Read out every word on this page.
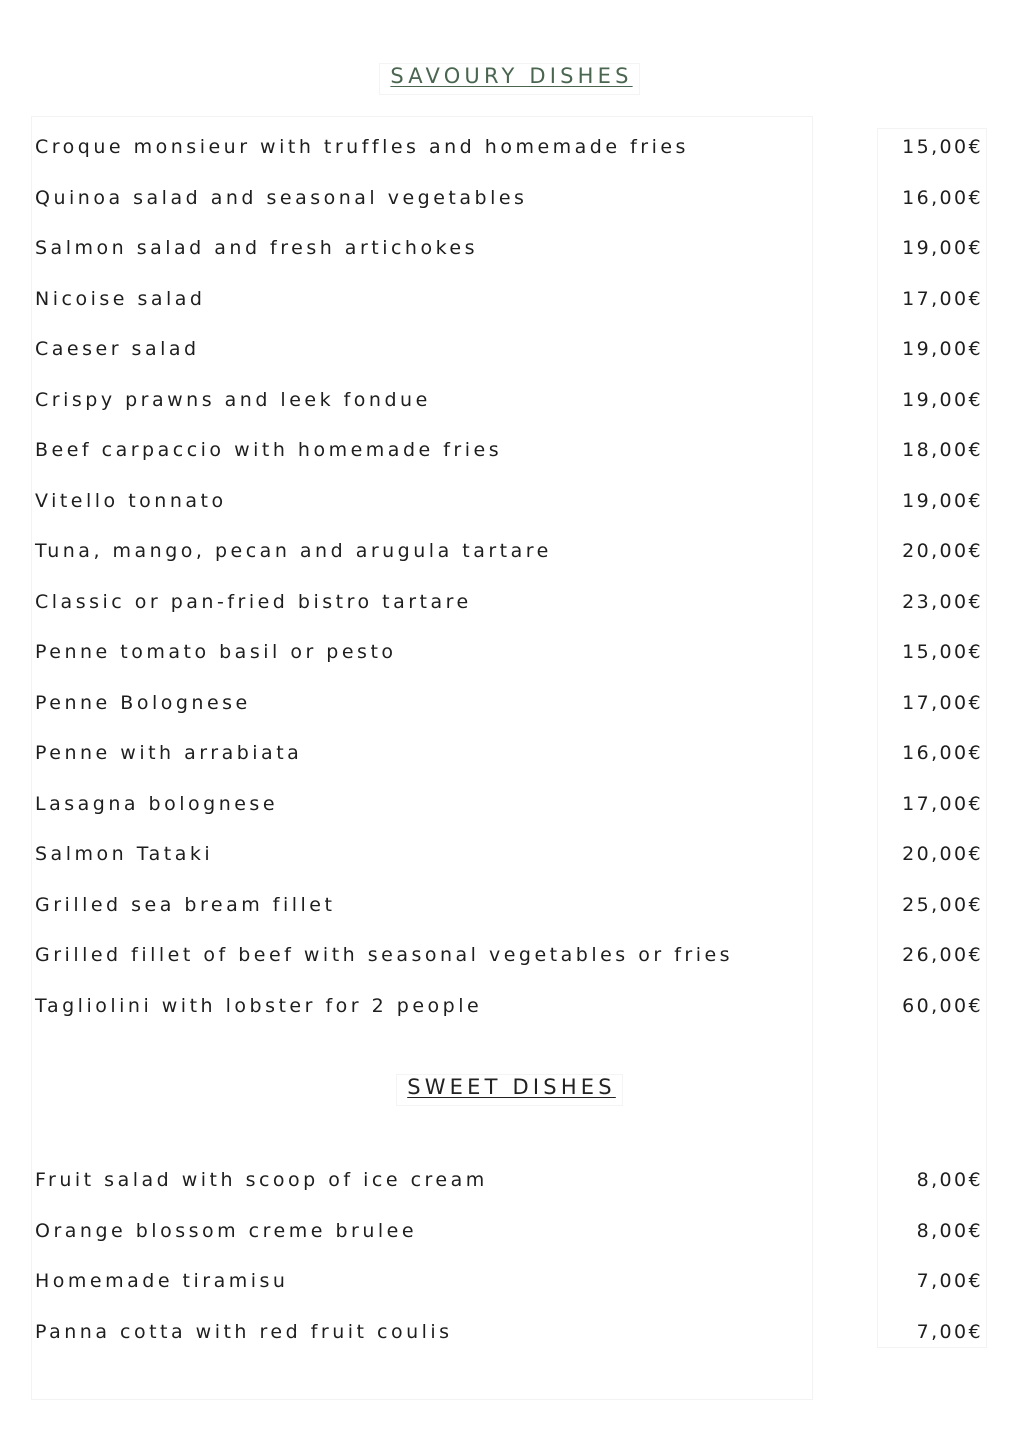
SAVOURY DISHES
Croque monsieur with truffles and homemade fries	15,00€
Quinoa salad and seasonal vegetables	16,00€
Salmon salad and fresh artichokes	19,00€
Nicoise salad	17,00€
Caeser salad	19,00€
Crispy prawns and leek fondue	19,00€
Beef carpaccio with homemade fries	18,00€
Vitello tonnato	19,00€
Tuna, mango, pecan and arugula tartare	20,00€
Classic or pan-fried bistro tartare	23,00€
Penne tomato basil or pesto	15,00€
Penne Bolognese	17,00€
Penne with arrabiata	16,00€
Lasagna bolognese	17,00€
Salmon Tataki	20,00€
Grilled sea bream fillet	25,00€
Grilled fillet of beef with seasonal vegetables or fries	26,00€
Tagliolini with lobster for 2 people	60,00€
SWEET DISHES
Fruit salad with scoop of ice cream	8,00€
Orange blossom creme brulee	8,00€
Homemade tiramisu	7,00€
Panna cotta with red fruit coulis	7,00€
